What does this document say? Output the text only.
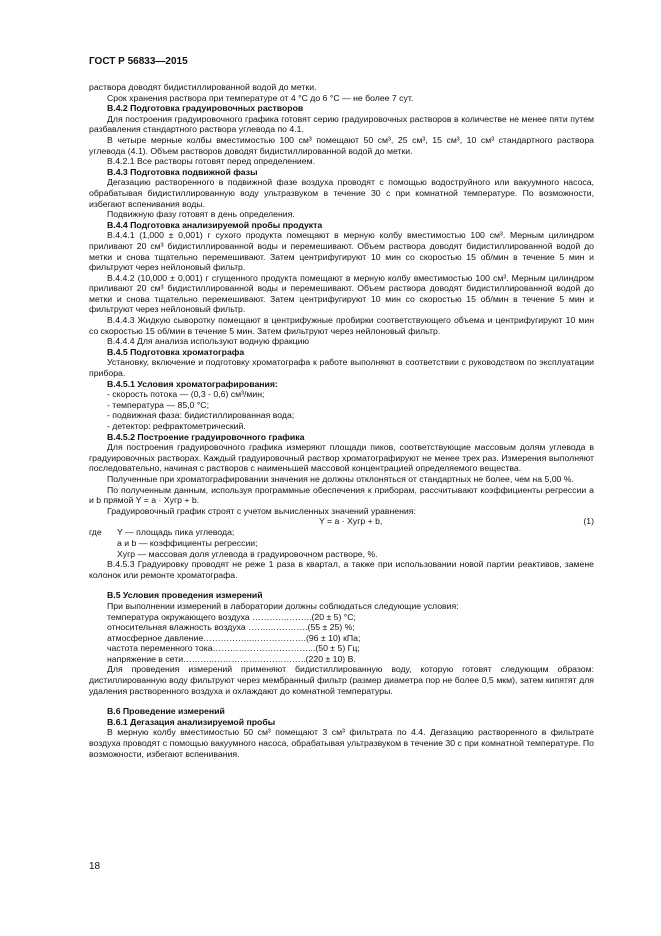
ГОСТ Р 56833—2015

раствора доводят бидистиллированной водой до метки.

Срок хранения раствора при температуре от 4 °С до 6 °С — не более 7 сут.

В.4.2 Подготовка градуировочных растворов

Для построения градуировочного графика готовят серию градуировочных растворов в количестве не менее пяти путем разбавления стандартного раствора углевода по 4.1.

В четыре мерные колбы вместимостью 100 см³ помещают 50 см³, 25 см³, 15 см³, 10 см³ стандартного раствора углевода (4.1). Объем растворов доводят бидистиллированной водой до метки.

В.4.2.1 Все растворы готовят перед определением.

В.4.3 Подготовка подвижной фазы

Дегазацию растворенного в подвижной фазе воздуха проводят с помощью водоструйного или вакуумного насоса, обрабатывая бидистиллированную воду ультразвуком в течение 30 с при комнатной температуре. По возможности, избегают вспенивания воды.

Подвижную фазу готовят в день определения.

В.4.4 Подготовка анализируемой пробы продукта

В.4.4.1 (1,000 ± 0,001) г сухого продукта помещают в мерную колбу вместимостью 100 см³. Мерным цилиндром приливают 20 см³ бидистиллированной воды и перемешивают. Объем раствора доводят бидистиллированной водой до метки и снова тщательно перемешивают. Затем центрифугируют 10 мин со скоростью 15 об/мин в течение 5 мин и фильтруют через нейлоновый фильтр.

В.4.4.2 (10,000 ± 0,001) г сгущенного продукта помещают в мерную колбу вместимостью 100 см³. Мерным цилиндром приливают 20 см³ бидистиллированной воды и перемешивают. Объем раствора доводят бидистиллированной водой до метки и снова тщательно перемешивают. Затем центрифугируют 10 мин со скоростью 15 об/мин в течение 5 мин и фильтруют через нейлоновый фильтр.

В.4.4.3 Жидкую сыворотку помещают в центрифужные пробирки соответствующего объема и центрифугируют 10 мин со скоростью 15 об/мин в течение 5 мин. Затем фильтруют через нейлоновый фильтр.

В.4.4.4 Для анализа используют водную фракцию

В.4.5 Подготовка хроматографа

Установку, включение и подготовку хроматографа к работе выполняют в соответствии с руководством по эксплуатации прибора.

В.4.5.1 Условия хроматографирования:

- скорость потока — (0,3 - 0,6) см³/мин;

- температура — 85,0 °С;

- подвижная фаза: бидистиллированная вода;

- детектор: рефрактометрический.

В.4.5.2 Построение градуировочного графика

Для построения градуировочного графика измеряют площади пиков, соответствующие массовым долям углевода в градуировочных растворах. Каждый градуировочный раствор хроматографируют не менее трех раз. Измерения выполняют последовательно, начиная с растворов с наименьшей массовой концентрацией определяемого вещества.

Полученные при хроматографировании значения не должны отклоняться от стандартных не более, чем на 5,00 %.

По полученным данным, используя программные обеспечения к приборам, рассчитывают коэффициенты регрессии a и b прямой Y = a · Xугр + b.

Градуировочный график строят с учетом вычисленных значений уравнения:

Y = a · Xугр + b,	(1)
где	Y — площадь пика углевода;
a и b — коэффициенты регрессии;
Xугр — массовая доля углевода в градуировочном растворе, %.

В.4.5.3 Градуировку проводят не реже 1 раза в квартал, а также при использовании новой партии реактивов, замене колонок или ремонте хроматографа.

В.5 Условия проведения измерений

При выполнении измерений в лаборатории должны соблюдаться следующие условия:

температура окружающего воздуха ……….………..(20 ± 5) °С;

относительная влажность воздуха ……..………….(55 ± 25) %;

атмосферное давление……………..……………….(96 ± 10) кПа;

частота переменного тока……………………………...(50 ± 5) Гц;

напряжение в сети………..…………………………..(220 ± 10) В.

Для проведения измерений применяют бидистиллированную воду, которую готовят следующим образом: дистиллированную воду фильтруют через мембранный фильтр (размер диаметра пор не более 0,5 мкм), затем кипятят для удаления растворенного воздуха и охлаждают до комнатной температуры.

В.6 Проведение измерений

В.6.1 Дегазация анализируемой пробы

В мерную колбу вместимостью 50 см³ помещают 3 см³ фильтрата по 4.4. Дегазацию растворенного в фильтрате воздуха проводят с помощью вакуумного насоса, обрабатывая ультразвуком в течение 30 с при комнатной температуре. По возможности, избегают вспенивания.

18
